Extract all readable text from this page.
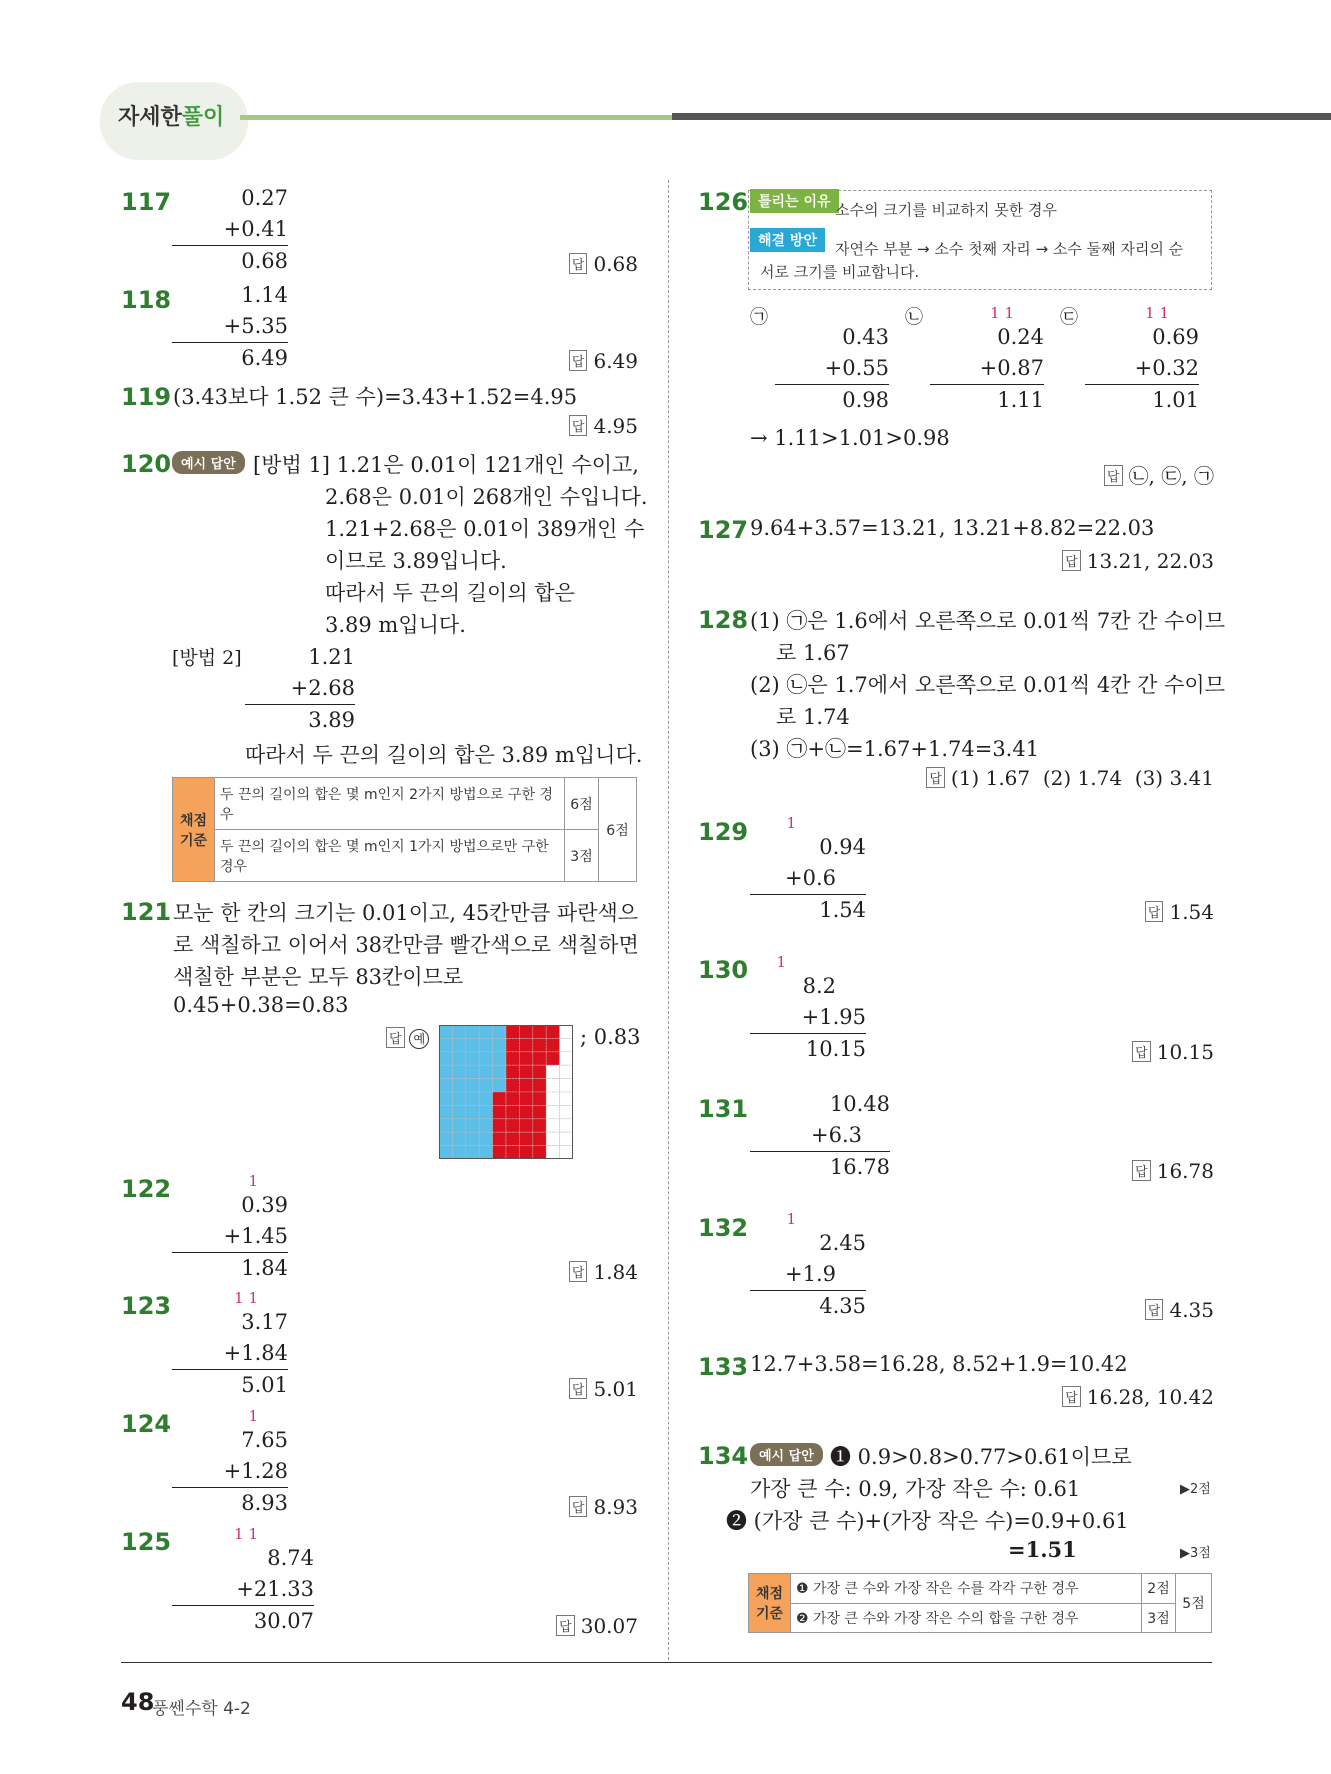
자세한풀이
117	0.27
+0.41
0.68	답 0.68
118	1.14
+5.35
6.49	답 6.49
119 (3.43보다 1.52 큰 수)=3.43+1.52=4.95
답 4.95
120 예시 답안 [방법 1] 1.21은 0.01이 121개인 수이고,
2.68은 0.01이 268개인 수입니다.
1.21+2.68은 0.01이 389개인 수
이므로 3.89입니다.
따라서 두 끈의 길이의 합은
3.89 m입니다.
[방법 2]	1.21
+2.68
3.89
따라서 두 끈의 길이의 합은 3.89 m입니다.
채점 기준	두 끈의 길이의 합은 몇 m인지 2가지 방법으로 구한 경우	6점	6점
	두 끈의 길이의 합은 몇 m인지 1가지 방법으로만 구한 경우	3점	
121 모눈 한 칸의 크기는 0.01이고, 45칸만큼 파란색으
로 색칠하고 이어서 38칸만큼 빨간색으로 색칠하면
색칠한 부분은 모두 83칸이므로
0.45+0.38=0.83
답 예	; 0.83
122	1
0.39
+1.45
1.84	답 1.84
123	1 1
3.17
+1.84
5.01	답 5.01
124	1
7.65
+1.28
8.93	답 8.93
125	1 1
8.74
+21.33
30.07	답 30.07
126 틀리는 이유 소수의 크기를 비교하지 못한 경우
해결 방안	자연수 부분 → 소수 첫째 자리 → 소수 둘째 자리의 순
서로 크기를 비교합니다.
㉠
0.43
+0.55
0.98
㉡	1 1
0.24
+0.87
1.11
㉢	1 1
0.69
+0.32
1.01
→ 1.11>1.01>0.98
답 ㉡, ㉢, ㉠
127 9.64+3.57=13.21, 13.21+8.82=22.03
답 13.21, 22.03
128 (1) ㉠은 1.6에서 오른쪽으로 0.01씩 7칸 간 수이므
로 1.67
(2) ㉡은 1.7에서 오른쪽으로 0.01씩 4칸 간 수이므
로 1.74
(3) ㉠+㉡=1.67+1.74=3.41
답 (1) 1.67  (2) 1.74  (3) 3.41
129	1
0.94
+0.6
1.54	답 1.54
130 1
8.2
+1.95
10.15	답 10.15
131	10.48
+6.3
16.78	답 16.78
132	1
2.45
+1.9
4.35	답 4.35
133 12.7+3.58=16.28, 8.52+1.9=10.42
답 16.28, 10.42
134 예시 답안 ❶ 0.9>0.8>0.77>0.61이므로
가장 큰 수: 0.9, 가장 작은 수: 0.61	▶2점
❷ (가장 큰 수)+(가장 작은 수)=0.9+0.61
=1.51	▶3점
채점 기준	❶ 가장 큰 수와 가장 작은 수를 각각 구한 경우	2점	5점
	❷ 가장 큰 수와 가장 작은 수의 합을 구한 경우	3점	
48
풍쎈수학 4-2
